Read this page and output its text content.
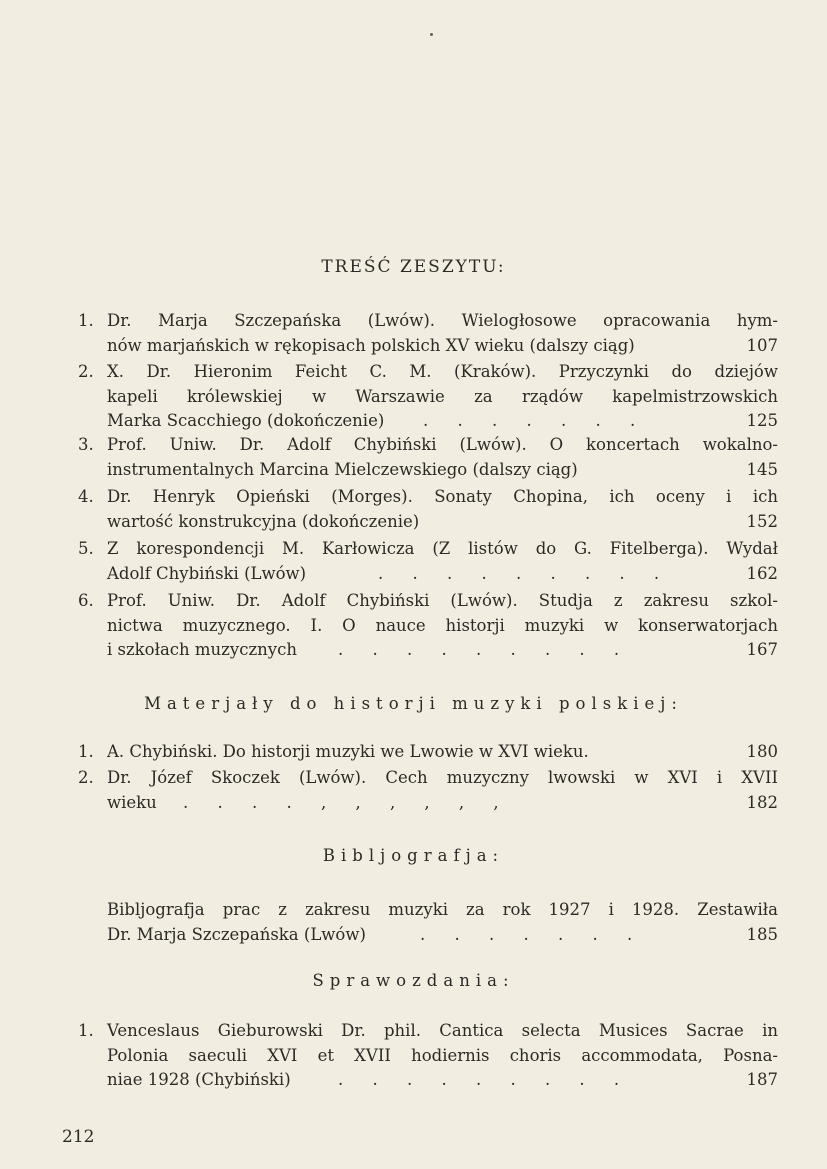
TREŚĆ ZESZYTU:
1. Dr. Marja Szczepańska (Lwów). Wielogłosowe opracowania hym-
nów marjańskich w rękopisach polskich XV wieku (dalszy ciąg)	107
2. X. Dr. Hieronim Feicht C. M. (Kraków). Przyczynki do dziejów
kapeli królewskiej w Warszawie za rządów kapelmistrzowskich
Marka Scacchiego (dokończenie) . . . . . . .	125
3. Prof. Uniw. Dr. Adolf Chybiński (Lwów). O koncertach wokalno-
instrumentalnych Marcina Mielczewskiego (dalszy ciąg)	145
4. Dr. Henryk Opieński (Morges). Sonaty Chopina, ich oceny i ich
wartość konstrukcyjna (dokończenie)	152
5. Z korespondencji M. Karłowicza (Z listów do G. Fitelberga). Wydał
Adolf Chybiński (Lwów)	. . . . . . . . .	162
6. Prof. Uniw. Dr. Adolf Chybiński (Lwów). Studja z zakresu szkol-
nictwa muzycznego. I. O nauce historji muzyki w konserwatorjach
i szkołach muzycznych . . . . . . . . .	167
Materjały do historji muzyki polskiej:
1. A. Chybiński. Do historji muzyki we Lwowie w XVI wieku.	180
2. Dr. Józef Skoczek (Lwów). Cech muzyczny lwowski w XVI i XVII
wieku . . . . , , , , , ,	182
Bibljografja:
Bibljografja prac z zakresu muzyki za rok 1927 i 1928. Zestawiła
Dr. Marja Szczepańska (Lwów)	. . . . . . .	185
Sprawozdania:
1. Venceslaus Gieburowski Dr. phil. Cantica selecta Musices Sacrae in
Polonia saeculi XVI et XVII hodiernis choris accommodata, Posna-
niae 1928 (Chybiński)	. . . . . . . . .	187
212
